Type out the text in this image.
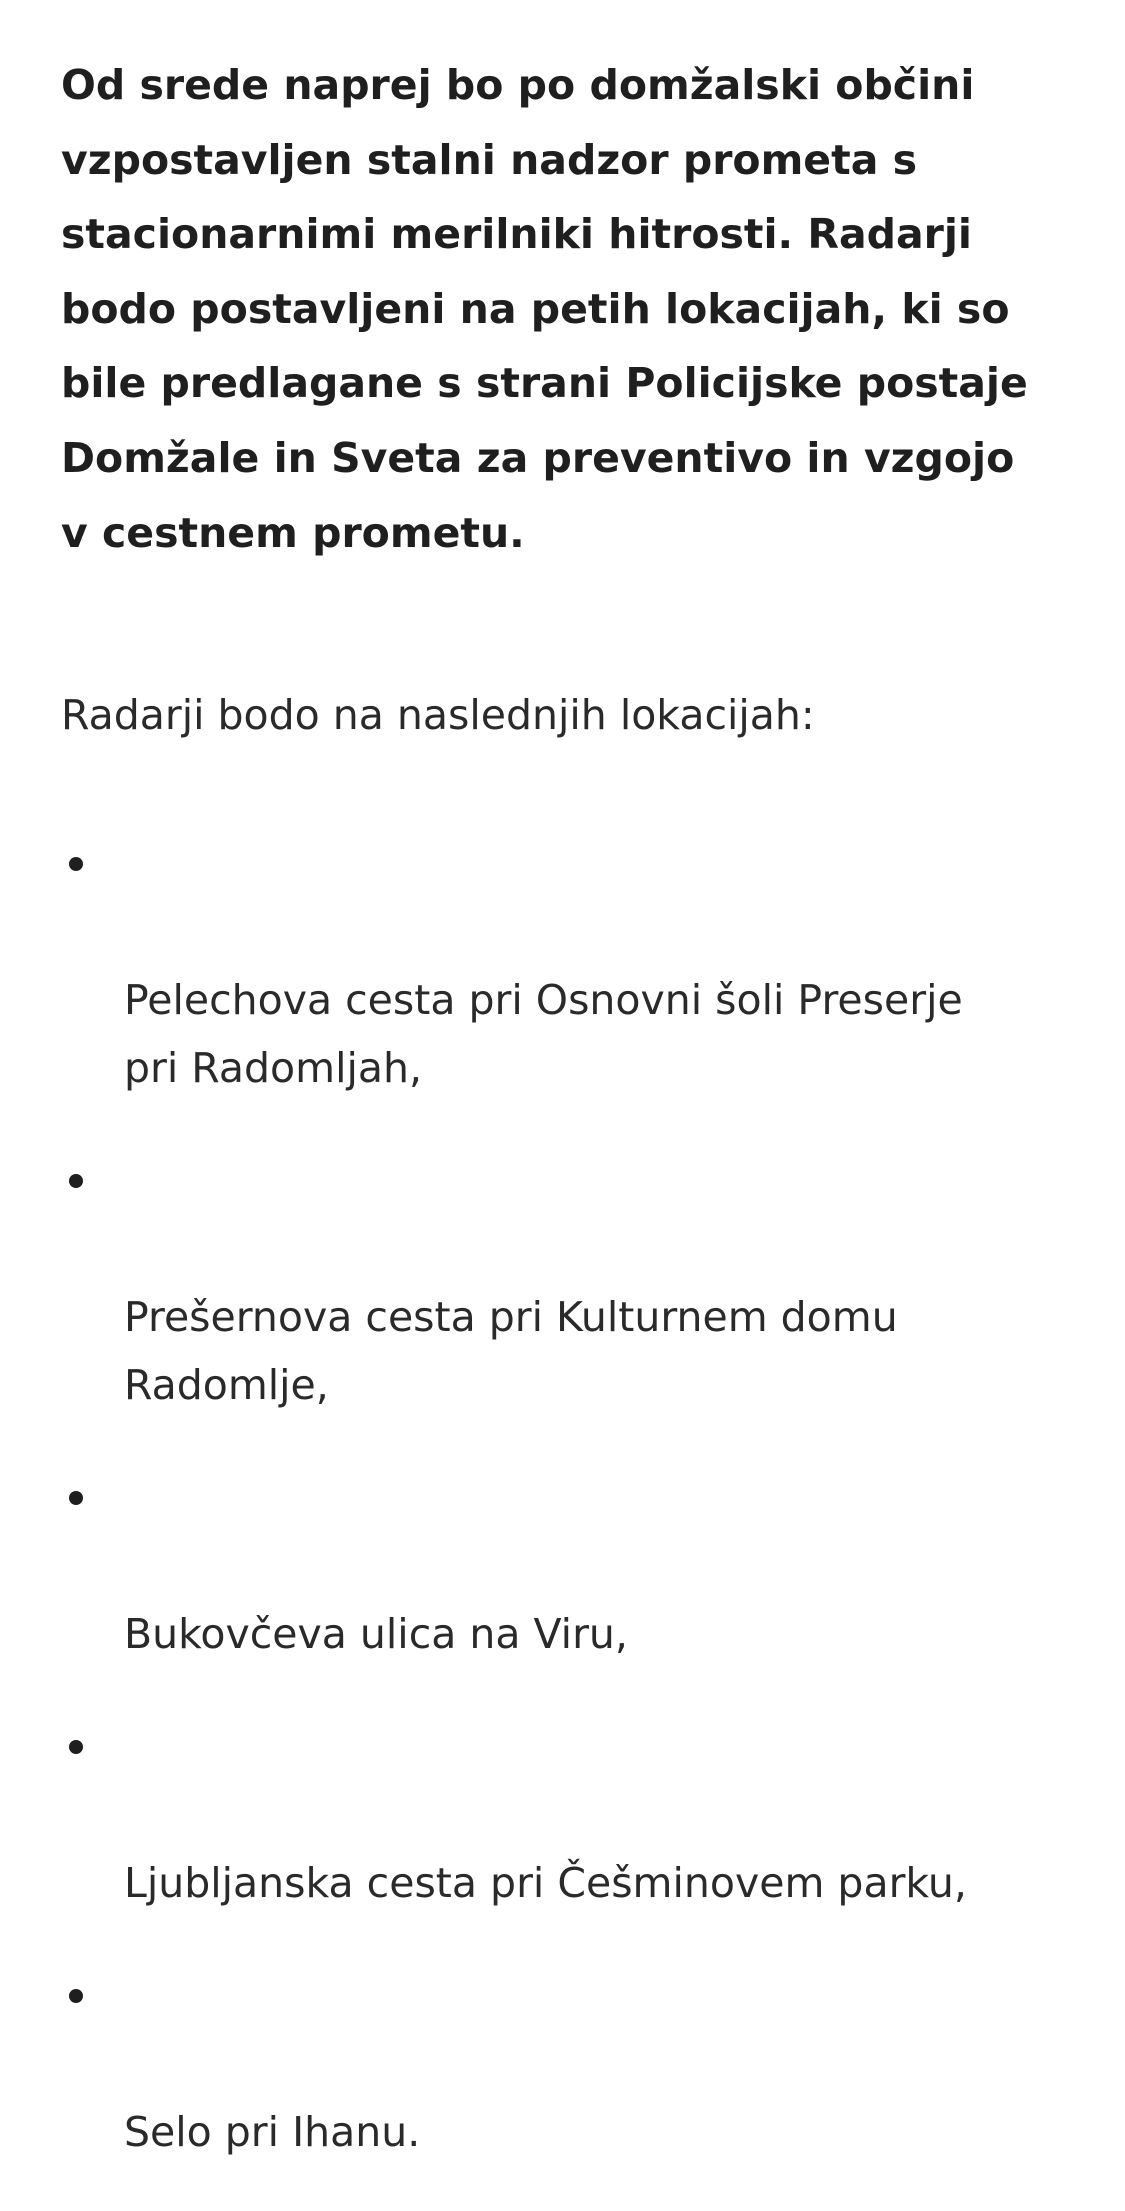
Od srede naprej bo po domžalski občini
vzpostavljen stalni nadzor prometa s
stacionarnimi merilniki hitrosti. Radarji
bodo postavljeni na petih lokacijah, ki so
bile predlagane s strani Policijske postaje
Domžale in Sveta za preventivo in vzgojo
v cestnem prometu.

Radarji bodo na naslednjih lokacijah:

Pelechova cesta pri Osnovni šoli Preserje
pri Radomljah,

Prešernova cesta pri Kulturnem domu
Radomlje,

Bukovčeva ulica na Viru,

Ljubljanska cesta pri Češminovem parku,

Selo pri Ihanu.
